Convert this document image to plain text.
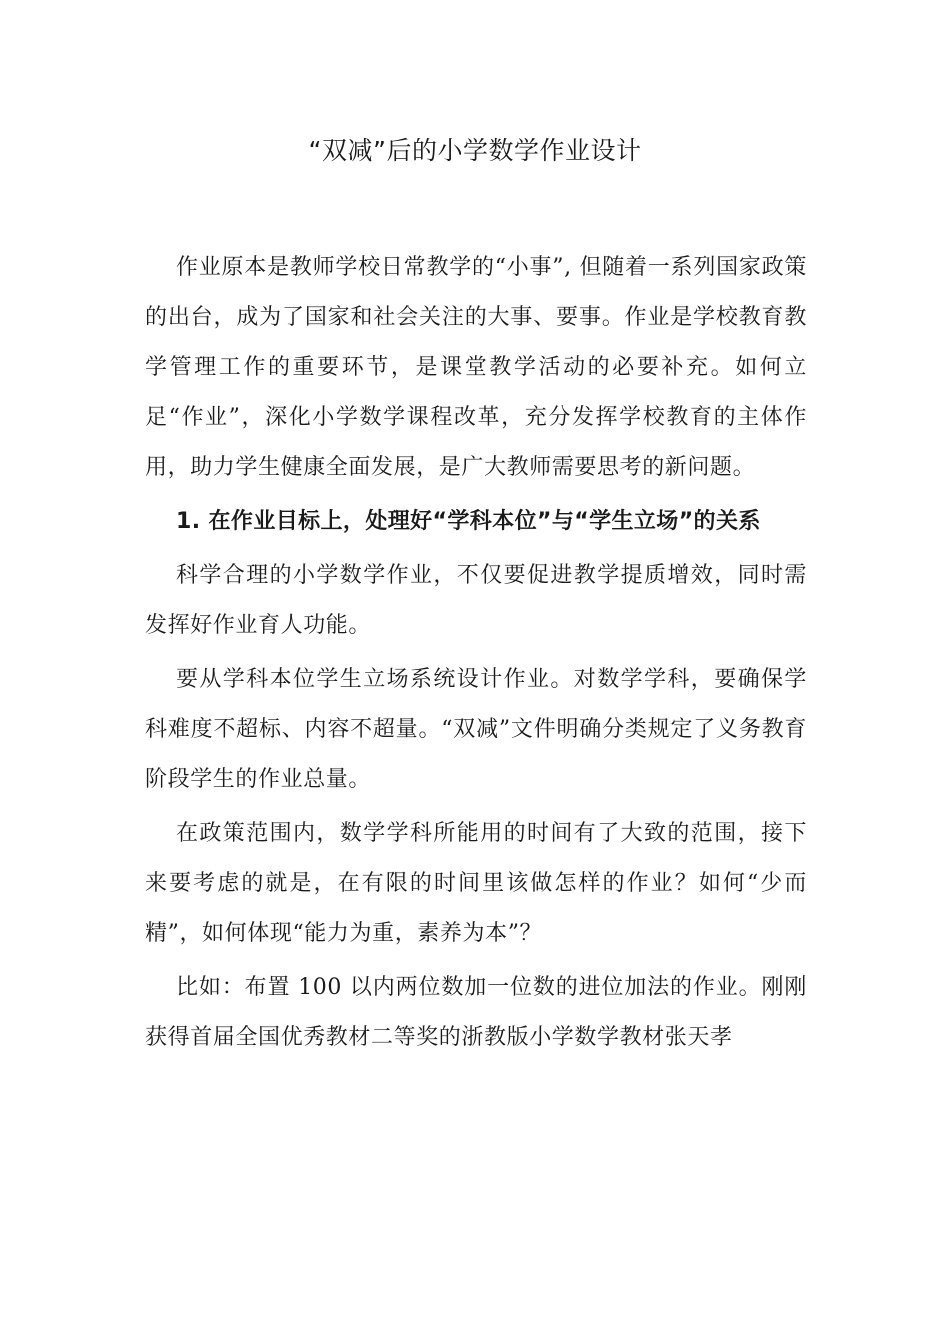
“双减”后的小学数学作业设计

作业原本是教师学校日常教学的“小事”, 但随着一系列国家政策的出台，成为了国家和社会关注的大事、要事。作业是学校教育教学管理工作的重要环节，是课堂教学活动的必要补充。如何立足“作业”，深化小学数学课程改革，充分发挥学校教育的主体作用，助力学生健康全面发展，是广大教师需要思考的新问题。

1. 在作业目标上，处理好“学科本位”与“学生立场”的关系

科学合理的小学数学作业，不仅要促进教学提质增效，同时需发挥好作业育人功能。

要从学科本位学生立场系统设计作业。对数学学科，要确保学科难度不超标、内容不超量。“双减”文件明确分类规定了义务教育阶段学生的作业总量。

在政策范围内，数学学科所能用的时间有了大致的范围，接下来要考虑的就是，在有限的时间里该做怎样的作业？如何“少而精”，如何体现“能力为重，素养为本”？

比如：布置 100 以内两位数加一位数的进位加法的作业。刚刚获得首届全国优秀教材二等奖的浙教版小学数学教材张天孝
